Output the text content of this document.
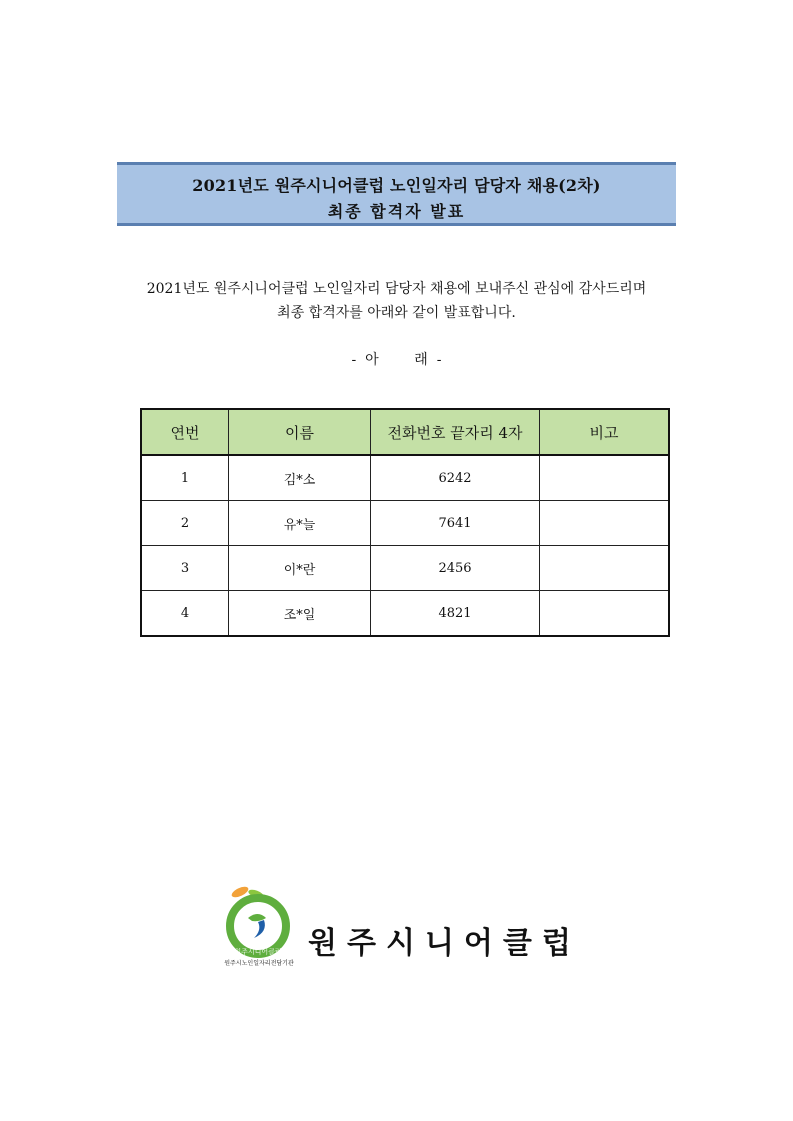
2021년도 원주시니어클럽 노인일자리 담당자 채용(2차)
최종 합격자 발표
2021년도 원주시니어클럽 노인일자리 담당자 채용에 보내주신 관심에 감사드리며
최종 합격자를 아래와 같이 발표합니다.
-  아        래  -
연번	이름	전화번호 끝자리 4자	비고
1	김*소	6242	
2	유*늘	7641	
3	이*란	2456	
4	조*일	4821	
원주시니어클럽
원주시노인일자리전담기관
원주시니어클럽
